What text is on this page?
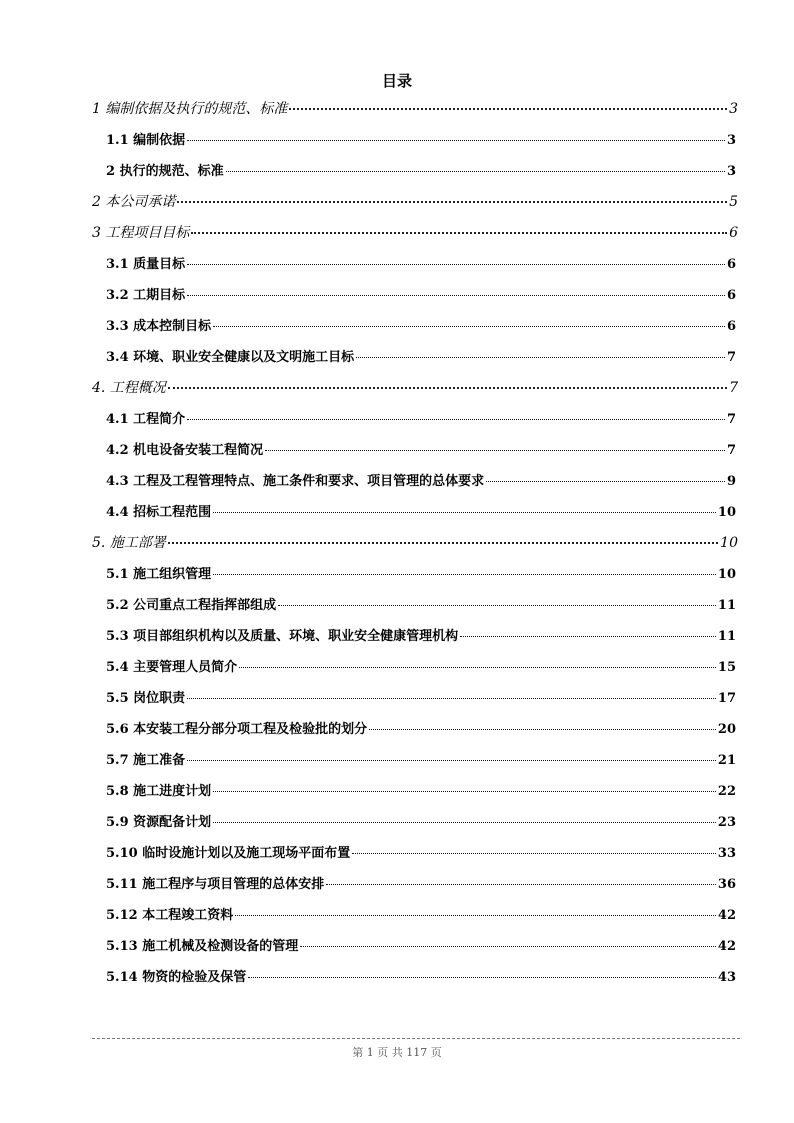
目录
1 编制依据及执行的规范、标准	3
1.1 编制依据	3
2 执行的规范、标准	3
2 本公司承诺	5
3 工程项目目标	6
3.1 质量目标	6
3.2 工期目标	6
3.3 成本控制目标	6
3.4 环境、职业安全健康以及文明施工目标	7
4. 工程概况	7
4.1 工程简介	7
4.2 机电设备安装工程简况	7
4.3 工程及工程管理特点、施工条件和要求、项目管理的总体要求	9
4.4 招标工程范围	10
5. 施工部署	10
5.1 施工组织管理	10
5.2 公司重点工程指挥部组成	11
5.3 项目部组织机构以及质量、环境、职业安全健康管理机构	11
5.4 主要管理人员简介	15
5.5 岗位职责	17
5.6 本安装工程分部分项工程及检验批的划分	20
5.7 施工准备	21
5.8 施工进度计划	22
5.9 资源配备计划	23
5.10 临时设施计划以及施工现场平面布置	33
5.11 施工程序与项目管理的总体安排	36
5.12 本工程竣工资料	42
5.13 施工机械及检测设备的管理	42
5.14 物资的检验及保管	43
第 1 页 共 117 页
